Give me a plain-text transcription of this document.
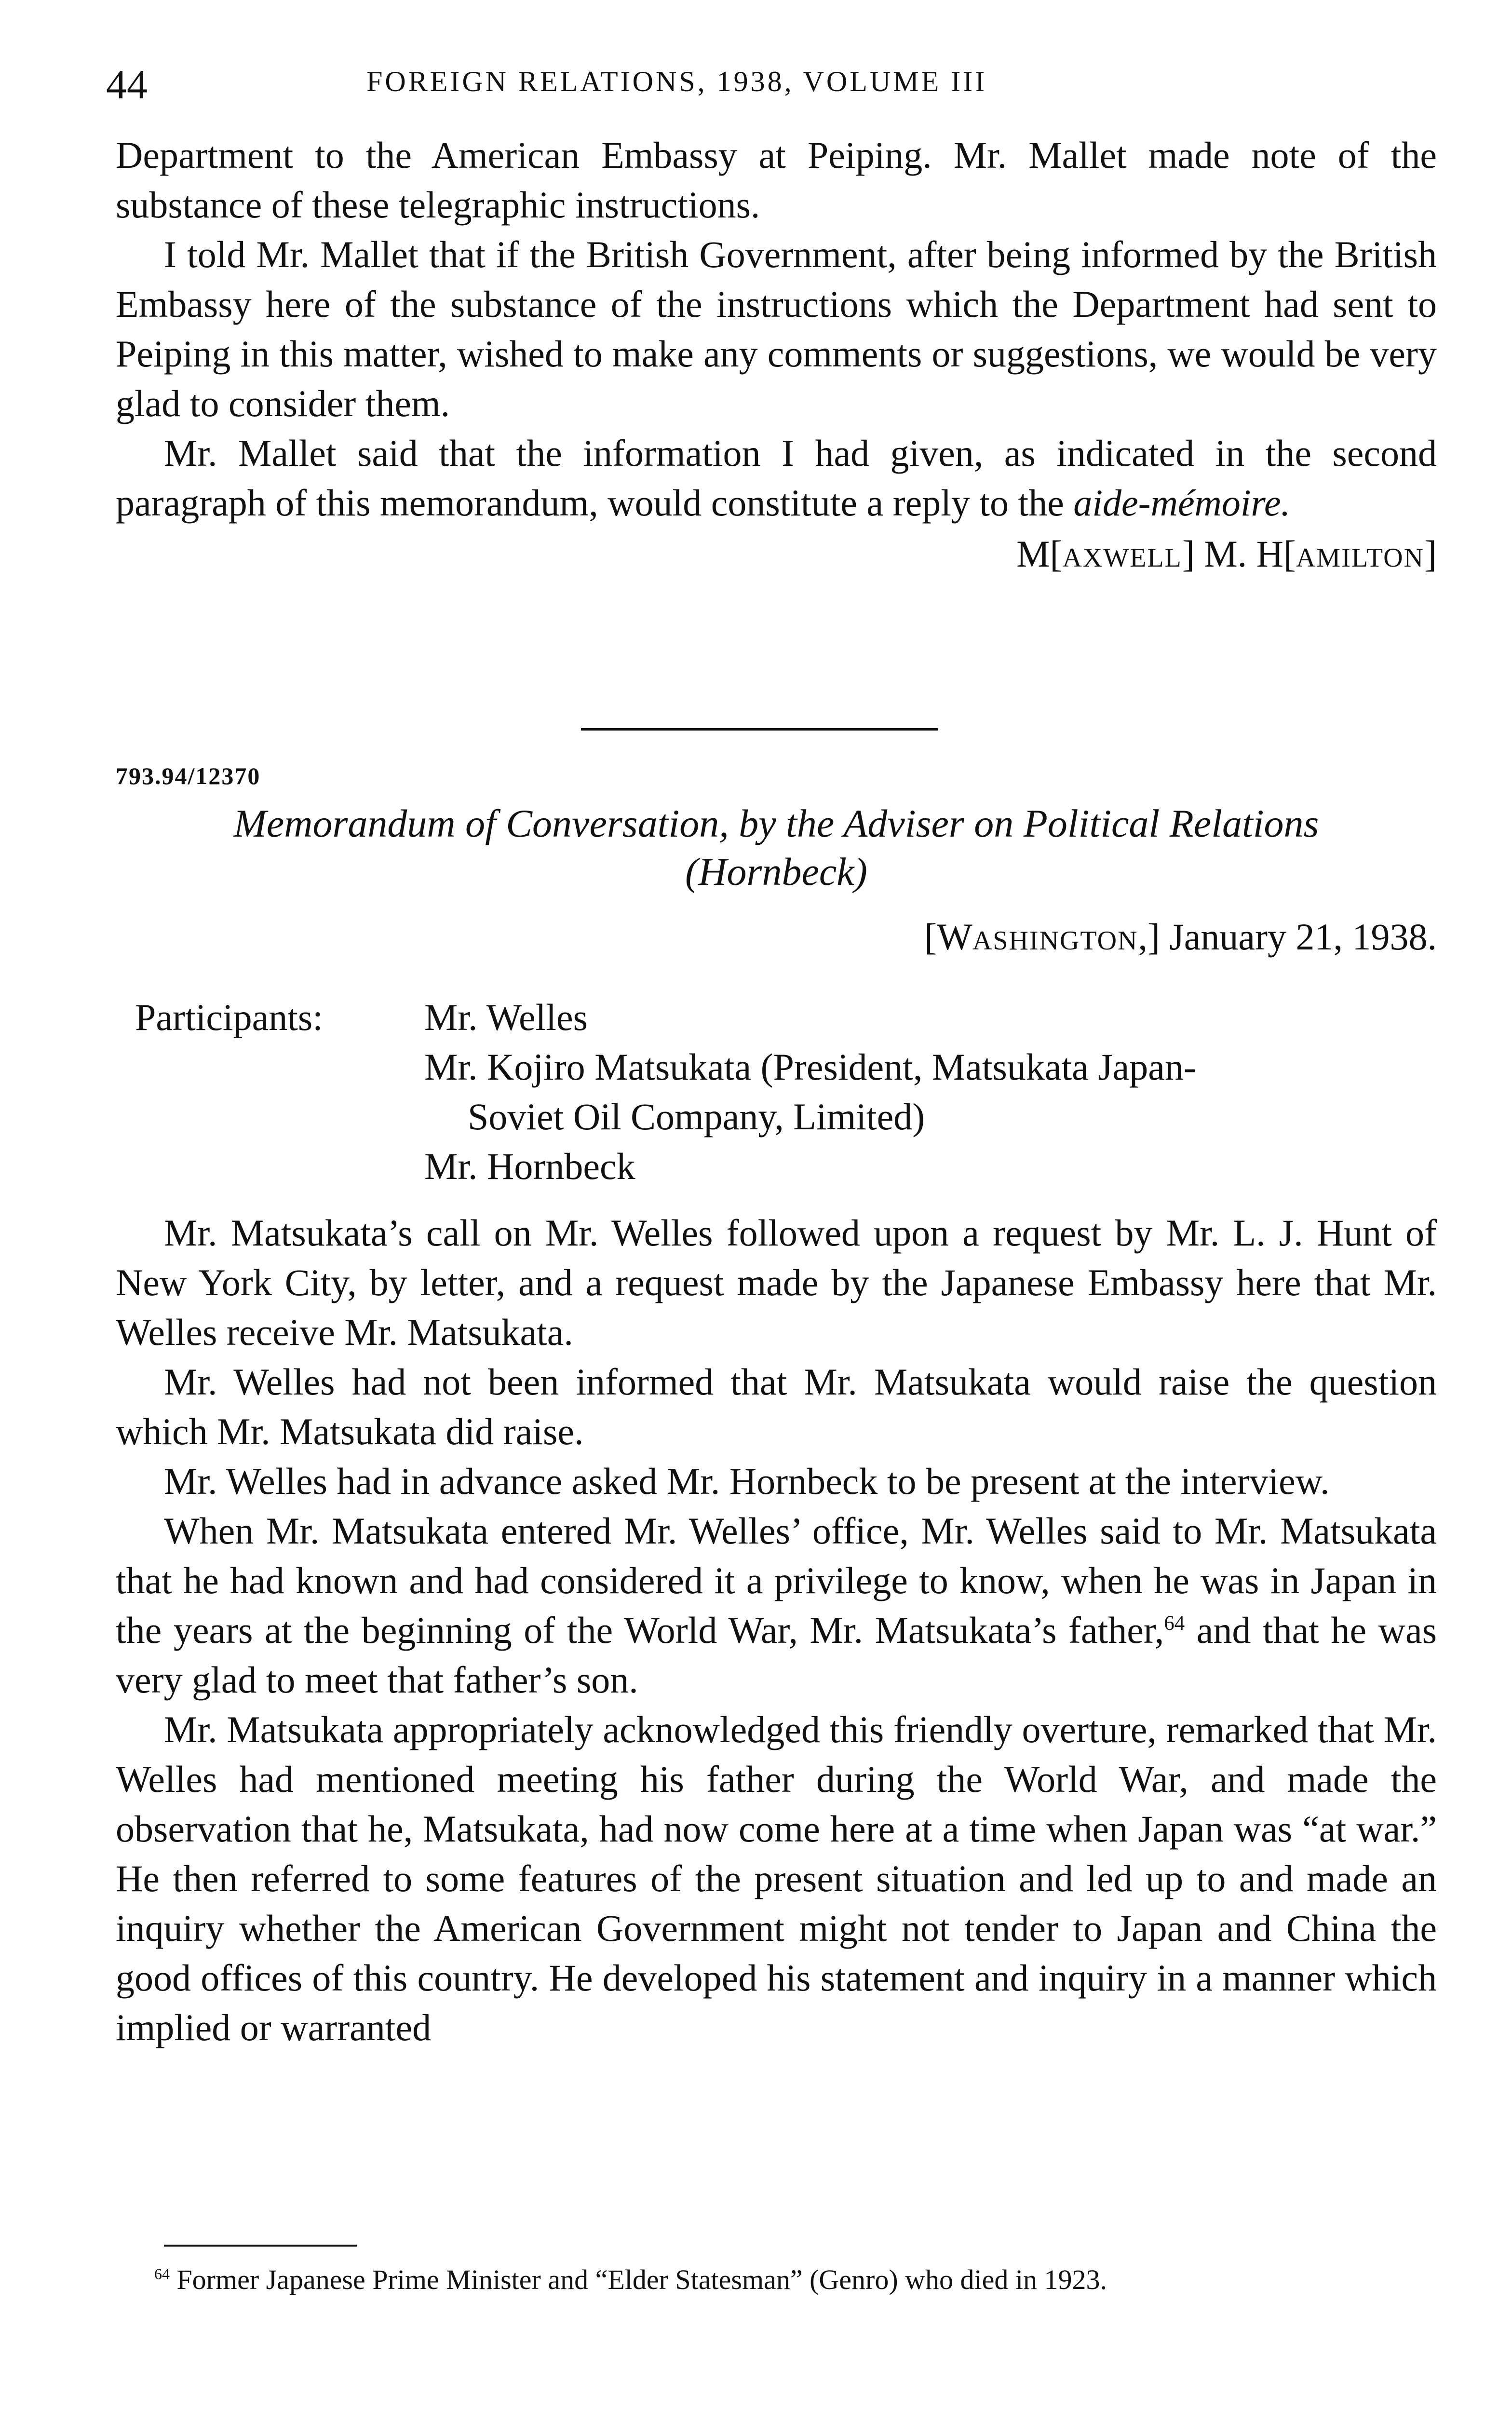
44	FOREIGN RELATIONS, 1938, VOLUME III

Department to the American Embassy at Peiping. Mr. Mallet made note of the substance of these telegraphic instructions.

I told Mr. Mallet that if the British Government, after being informed by the British Embassy here of the substance of the instructions which the Department had sent to Peiping in this matter, wished to make any comments or suggestions, we would be very glad to consider them.

Mr. Mallet said that the information I had given, as indicated in the second paragraph of this memorandum, would constitute a reply to the aide-mémoire.

M[AXWELL] M. H[AMILTON]
793.94/12370
Memorandum of Conversation, by the Adviser on Political Relations
(Hornbeck)
[WASHINGTON,] January 21, 1938.
Participants:	Mr. Welles
Mr. Kojiro Matsukata (President, Matsukata Japan-
Soviet Oil Company, Limited)
Mr. Hornbeck

Mr. Matsukata’s call on Mr. Welles followed upon a request by Mr. L. J. Hunt of New York City, by letter, and a request made by the Japanese Embassy here that Mr. Welles receive Mr. Matsukata.

Mr. Welles had not been informed that Mr. Matsukata would raise the question which Mr. Matsukata did raise.

Mr. Welles had in advance asked Mr. Hornbeck to be present at the interview.

When Mr. Matsukata entered Mr. Welles’ office, Mr. Welles said to Mr. Matsukata that he had known and had considered it a privilege to know, when he was in Japan in the years at the beginning of the World War, Mr. Matsukata’s father,$^{64}$ and that he was very glad to meet that father’s son.

Mr. Matsukata appropriately acknowledged this friendly overture, remarked that Mr. Welles had mentioned meeting his father during the World War, and made the observation that he, Matsukata, had now come here at a time when Japan was “at war.” He then referred to some features of the present situation and led up to and made an inquiry whether the American Government might not tender to Japan and China the good offices of this country. He developed his statement and inquiry in a manner which implied or warranted

$^{64}$ Former Japanese Prime Minister and “Elder Statesman” (Genro) who died in 1923.
